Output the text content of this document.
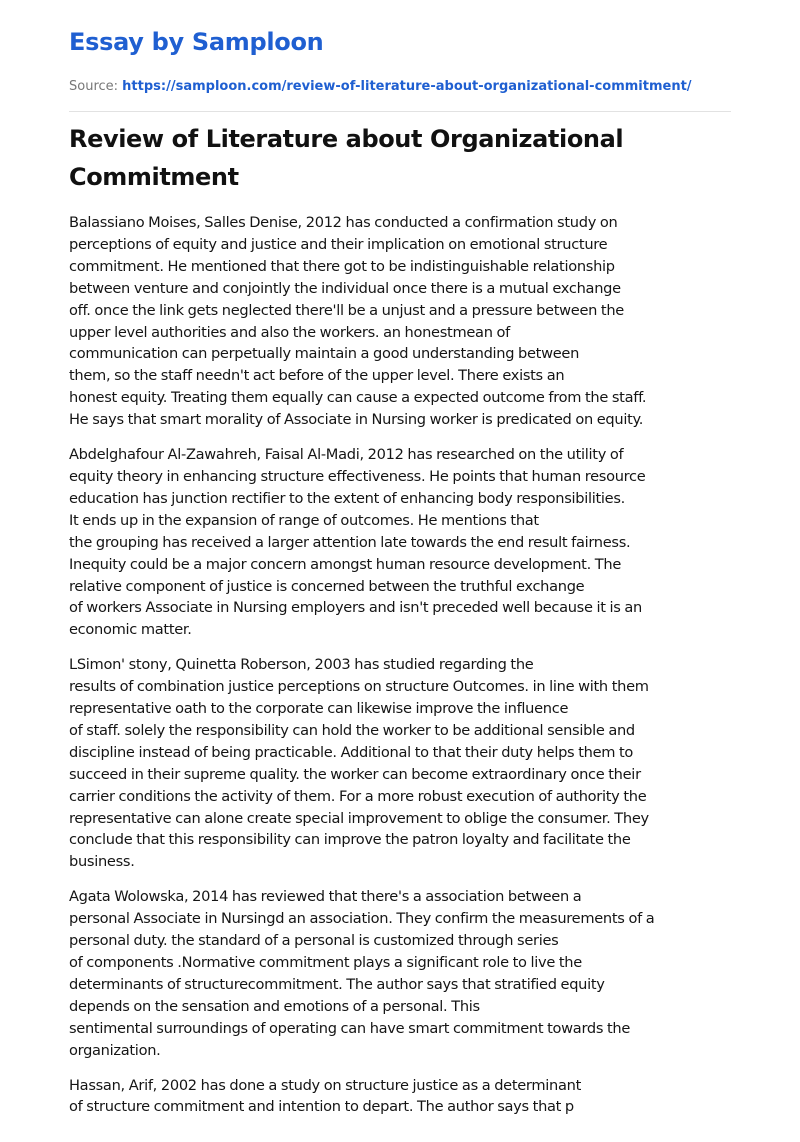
Essay by Samploon
Source: https://samploon.com/review-of-literature-about-organizational-commitment/
Review of Literature about Organizational
Commitment

Balassiano Moises, Salles Denise, 2012 has conducted a confirmation study on
perceptions of equity and justice and their implication on emotional structure
commitment. He mentioned that there got to be indistinguishable relationship
between venture and conjointly the individual once there is a mutual exchange
off. once the link gets neglected there'll be a unjust and a pressure between the
upper level authorities and also the workers. an honestmean of
communication can perpetually maintain a good understanding between
them, so the staff needn't act before of the upper level. There exists an
honest equity. Treating them equally can cause a expected outcome from the staff.
He says that smart morality of Associate in Nursing worker is predicated on equity.

Abdelghafour Al-Zawahreh, Faisal Al-Madi, 2012 has researched on the utility of
equity theory in enhancing structure effectiveness. He points that human resource
education has junction rectifier to the extent of enhancing body responsibilities.
It ends up in the expansion of range of outcomes. He mentions that
the grouping has received a larger attention late towards the end result fairness.
Inequity could be a major concern amongst human resource development. The
relative component of justice is concerned between the truthful exchange
of workers Associate in Nursing employers and isn't preceded well because it is an
economic matter.

LSimon' stony, Quinetta Roberson, 2003 has studied regarding the
results of combination justice perceptions on structure Outcomes. in line with them
representative oath to the corporate can likewise improve the influence
of staff. solely the responsibility can hold the worker to be additional sensible and
discipline instead of being practicable. Additional to that their duty helps them to
succeed in their supreme quality. the worker can become extraordinary once their
carrier conditions the activity of them. For a more robust execution of authority the
representative can alone create special improvement to oblige the consumer. They
conclude that this responsibility can improve the patron loyalty and facilitate the
business.

Agata Wolowska, 2014 has reviewed that there's a association between a
personal Associate in Nursingd an association. They confirm the measurements of a
personal duty. the standard of a personal is customized through series
of components .Normative commitment plays a significant role to live the
determinants of structurecommitment. The author says that stratified equity
depends on the sensation and emotions of a personal. This
sentimental surroundings of operating can have smart commitment towards the
organization.

Hassan, Arif, 2002 has done a study on structure justice as a determinant
of structure commitment and intention to depart. The author says that p
